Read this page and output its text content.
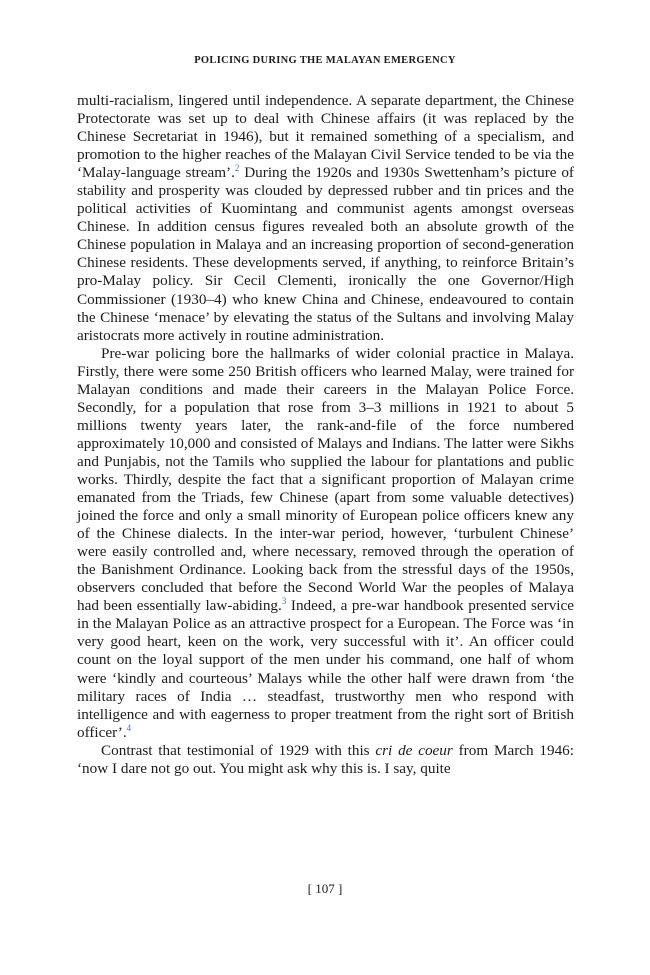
POLICING DURING THE MALAYAN EMERGENCY

multi-racialism, lingered until independence. A separate department, the Chinese Protectorate was set up to deal with Chinese affairs (it was replaced by the Chinese Secretariat in 1946), but it remained something of a specialism, and promotion to the higher reaches of the Malayan Civil Service tended to be via the ‘Malay-language stream’.$^2$ During the 1920s and 1930s Swettenham’s picture of stability and prosperity was clouded by depressed rubber and tin prices and the political activities of Kuomintang and communist agents amongst overseas Chinese. In addition census figures revealed both an absolute growth of the Chinese population in Malaya and an increasing proportion of second-generation Chinese residents. These developments served, if anything, to reinforce Britain’s pro-Malay policy. Sir Cecil Clementi, ironically the one Governor/High Commissioner (1930–4) who knew China and Chinese, endeavoured to contain the Chinese ‘menace’ by elevating the status of the Sultans and involving Malay aristocrats more actively in routine administration.

Pre-war policing bore the hallmarks of wider colonial practice in Malaya. Firstly, there were some 250 British officers who learned Malay, were trained for Malayan conditions and made their careers in the Malayan Police Force. Secondly, for a population that rose from 3–3 millions in 1921 to about 5 millions twenty years later, the rank-and-file of the force numbered approximately 10,000 and consisted of Malays and Indians. The latter were Sikhs and Punjabis, not the Tamils who supplied the labour for plantations and public works. Thirdly, despite the fact that a significant proportion of Malayan crime emanated from the Triads, few Chinese (apart from some valuable detectives) joined the force and only a small minority of European police officers knew any of the Chinese dialects. In the inter-war period, however, ‘turbulent Chinese’ were easily controlled and, where necessary, removed through the operation of the Banishment Ordinance. Looking back from the stressful days of the 1950s, observers concluded that before the Second World War the peoples of Malaya had been essentially law-abiding.$^3$ Indeed, a pre-war handbook presented service in the Malayan Police as an attractive prospect for a European. The Force was ‘in very good heart, keen on the work, very successful with it’. An officer could count on the loyal support of the men under his command, one half of whom were ‘kindly and courteous’ Malays while the other half were drawn from ‘the military races of India … steadfast, trustworthy men who respond with intelligence and with eagerness to proper treatment from the right sort of British officer’.$^4$

Contrast that testimonial of 1929 with this cri de coeur from March 1946: ‘now I dare not go out. You might ask why this is. I say, quite

[ 107 ]
